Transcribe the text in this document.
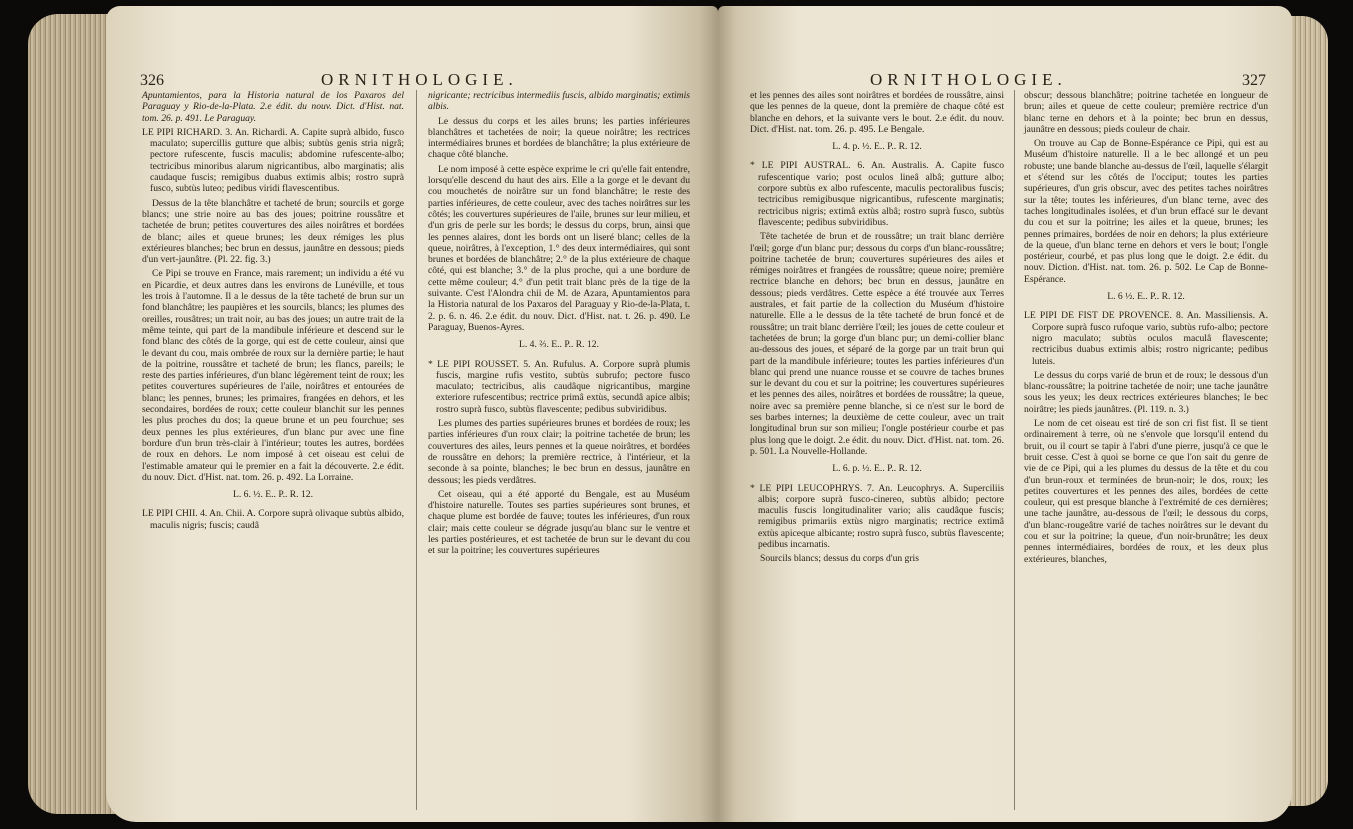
326	ORNITHOLOGIE.

Apuntamientos, para la Historia natural de los Paxaros del Paraguay y Rio-de-la-Plata. 2.e édit. du nouv. Dict. d'Hist. nat. tom. 26. p. 491. Le Paraguay.

LE PIPI RICHARD. 3. An. Richardi. A. Capite suprà albido, fusco maculato; supercillis gutture que albis; subtùs genis stria nigrâ; pectore rufescente, fuscis maculis; abdomine rufescente-albo; tectricibus minoribus alarum nigricantibus, albo marginatis; alis caudaque fuscis; remigibus duabus extimis albis; rostro suprà fusco, subtùs luteo; pedibus viridi flavescentibus.

Dessus de la tête blanchâtre et tacheté de brun; sourcils et gorge blancs; une strie noire au bas des joues; poitrine roussâtre et tachetée de brun; petites couvertures des ailes noirâtres et bordées de blanc; ailes et queue brunes; les deux rémiges les plus extérieures blanches; bec brun en dessus, jaunâtre en dessous; pieds d'un vert-jaunâtre. (Pl. 22. fig. 3.)

Ce Pipi se trouve en France, mais rarement; un individu a été vu en Picardie, et deux autres dans les environs de Lunéville, et tous les trois à l'automne. Il a le dessus de la tête tacheté de brun sur un fond blanchâtre; les paupières et les sourcils, blancs; les plumes des oreilles, rousâtres; un trait noir, au bas des joues; un autre trait de la même teinte, qui part de la mandibule inférieure et descend sur le fond blanc des côtés de la gorge, qui est de cette couleur, ainsi que le devant du cou, mais ombrée de roux sur la dernière partie; le haut de la poitrine, roussâtre et tacheté de brun; les flancs, pareils; le reste des parties inférieures, d'un blanc légèrement teint de roux; les petites couvertures supérieures de l'aile, noirâtres et entourées de blanc; les pennes, brunes; les primaires, frangées en dehors, et les secondaires, bordées de roux; cette couleur blanchit sur les pennes les plus proches du dos; la queue brune et un peu fourchue; ses deux pennes les plus extérieures, d'un blanc pur avec une fine bordure d'un brun très-clair à l'intérieur; toutes les autres, bordées de roux en dehors. Le nom imposé à cet oiseau est celui de l'estimable amateur qui le premier en a fait la découverte. 2.e édit. du nouv. Dict. d'Hist. nat. tom. 26. p. 492. La Lorraine.

L. 6. ½. E.. P.. R. 12.

LE PIPI CHII. 4. An. Chii. A. Corpore suprà olivaque subtùs albido, maculis nigris; fuscis; caudâ

nigricante; rectricibus intermediis fuscis, albido marginatis; extimis albis.

Le dessus du corps et les ailes bruns; les parties inférieures blanchâtres et tachetées de noir; la queue noirâtre; les rectrices intermédiaires brunes et bordées de blanchâtre; la plus extérieure de chaque côté blanche.

Le nom imposé à cette espèce exprime le cri qu'elle fait entendre, lorsqu'elle descend du haut des airs. Elle a la gorge et le devant du cou mouchetés de noirâtre sur un fond blanchâtre; le reste des parties inférieures, de cette couleur, avec des taches noirâtres sur les côtés; les couvertures supérieures de l'aile, brunes sur leur milieu, et d'un gris de perle sur les bords; le dessus du corps, brun, ainsi que les pennes alaires, dont les bords ont un liseré blanc; celles de la queue, noirâtres, à l'exception, 1.° des deux intermédiaires, qui sont brunes et bordées de blanchâtre; 2.° de la plus extérieure de chaque côté, qui est blanche; 3.° de la plus proche, qui a une bordure de cette même couleur; 4.° d'un petit trait blanc près de la tige de la suivante. C'est l'Alondra chii de M. de Azara, Apuntamientos para la Historia natural de los Paxaros del Paraguay y Rio-de-la-Plata, t. 2. p. 6. n. 46. 2.e édit. du nouv. Dict. d'Hist. nat. t. 26. p. 490. Le Paraguay, Buenos-Ayres.

L. 4. ⅔. E.. P.. R. 12.

* LE PIPI ROUSSET. 5. An. Rufulus. A. Corpore suprà plumis fuscis, margine rufis vestito, subtùs subrufo; pectore fusco maculato; tectricibus, alis caudâque nigricantibus, margine exteriore rufescentibus; rectrice primâ extùs, secundâ apice albis; rostro suprà fusco, subtùs flavescente; pedibus subviridibus.

Les plumes des parties supérieures brunes et bordées de roux; les parties inférieures d'un roux clair; la poitrine tachetée de brun; les couvertures des ailes, leurs pennes et la queue noirâtres, et bordées de roussâtre en dehors; la première rectrice, à l'intérieur, et la seconde à sa pointe, blanches; le bec brun en dessus, jaunâtre en dessous; les pieds verdâtres.

Cet oiseau, qui a été apporté du Bengale, est au Muséum d'histoire naturelle. Toutes ses parties supérieures sont brunes, et chaque plume est bordée de fauve; toutes les inférieures, d'un roux clair; mais cette couleur se dégrade jusqu'au blanc sur le ventre et les parties postérieures, et est tachetée de brun sur le devant du cou et sur la poitrine; les couvertures supérieures

ORNITHOLOGIE.	327

et les pennes des ailes sont noirâtres et bordées de roussâtre, ainsi que les pennes de la queue, dont la première de chaque côté est blanche en dehors, et la suivante vers le bout. 2.e édit. du nouv. Dict. d'Hist. nat. tom. 26. p. 495. Le Bengale.

L. 4. p. ½. E.. P.. R. 12.

* LE PIPI AUSTRAL. 6. An. Australis. A. Capite fusco rufescentique vario; post oculos lineâ albâ; gutture albo; corpore subtùs ex albo rufescente, maculis pectoralibus fuscis; tectricibus remigibusque nigricantibus, rufescente marginatis; rectricibus nigris; extimâ extùs albâ; rostro suprà fusco, subtùs flavescente; pedibus subviridibus.

Tête tachetée de brun et de roussâtre; un trait blanc derrière l'œil; gorge d'un blanc pur; dessous du corps d'un blanc-roussâtre; poitrine tachetée de brun; couvertures supérieures des ailes et rémiges noirâtres et frangées de roussâtre; queue noire; première rectrice blanche en dehors; bec brun en dessus, jaunâtre en dessous; pieds verdâtres. Cette espèce a été trouvée aux Terres australes, et fait partie de la collection du Muséum d'histoire naturelle. Elle a le dessus de la tête tacheté de brun foncé et de roussâtre; un trait blanc derrière l'œil; les joues de cette couleur et tachetées de brun; la gorge d'un blanc pur; un demi-collier blanc au-dessous des joues, et séparé de la gorge par un trait brun qui part de la mandibule inférieure; toutes les parties inférieures d'un blanc qui prend une nuance rousse et se couvre de taches brunes sur le devant du cou et sur la poitrine; les couvertures supérieures et les pennes des ailes, noirâtres et bordées de roussâtre; la queue, noire avec sa première penne blanche, si ce n'est sur le bord de ses barbes internes; la deuxième de cette couleur, avec un trait longitudinal brun sur son milieu; l'ongle postérieur courbe et pas plus long que le doigt. 2.e édit. du nouv. Dict. d'Hist. nat. tom. 26. p. 501. La Nouvelle-Hollande.

L. 6. p. ½. E.. P.. R. 12.

* LE PIPI LEUCOPHRYS. 7. An. Leucophrys. A. Superciliis albis; corpore suprà fusco-cinereo, subtùs albido; pectore maculis fuscis longitudinaliter vario; alis caudâque fuscis; remigibus primariis extùs nigro marginatis; rectrice extimâ extùs apiceque albicante; rostro suprà fusco, subtùs flavescente; pedibus incarnatis.

Sourcils blancs; dessus du corps d'un gris

obscur; dessous blanchâtre; poitrine tachetée en longueur de brun; ailes et queue de cette couleur; première rectrice d'un blanc terne en dehors et à la pointe; bec brun en dessus, jaunâtre en dessous; pieds couleur de chair.

On trouve au Cap de Bonne-Espérance ce Pipi, qui est au Muséum d'histoire naturelle. Il a le bec allongé et un peu robuste; une bande blanche au-dessus de l'œil, laquelle s'élargit et s'étend sur les côtés de l'occiput; toutes les parties supérieures, d'un gris obscur, avec des petites taches noirâtres sur la tête; toutes les inférieures, d'un blanc terne, avec des taches longitudinales isolées, et d'un brun effacé sur le devant du cou et sur la poitrine; les ailes et la queue, brunes; les pennes primaires, bordées de noir en dehors; la plus extérieure de la queue, d'un blanc terne en dehors et vers le bout; l'ongle postérieur, courbé, et pas plus long que le doigt. 2.e édit. du nouv. Diction. d'Hist. nat. tom. 26. p. 502. Le Cap de Bonne-Espérance.

L. 6 ½. E.. P.. R. 12.

LE PIPI DE FIST DE PROVENCE. 8. An. Massiliensis. A. Corpore suprà fusco rufoque vario, subtùs rufo-albo; pectore nigro maculato; subtùs oculos maculâ flavescente; rectricibus duabus extimis albis; rostro nigricante; pedibus luteis.

Le dessus du corps varié de brun et de roux; le dessous d'un blanc-roussâtre; la poitrine tachetée de noir; une tache jaunâtre sous les yeux; les deux rectrices extérieures blanches; le bec noirâtre; les pieds jaunâtres. (Pl. 119. n. 3.)

Le nom de cet oiseau est tiré de son cri fist fist. Il se tient ordinairement à terre, où ne s'envole que lorsqu'il entend du bruit, ou il court se tapir à l'abri d'une pierre, jusqu'à ce que le bruit cesse. C'est à quoi se borne ce que l'on sait du genre de vie de ce Pipi, qui a les plumes du dessus de la tête et du cou d'un brun-roux et terminées de brun-noir; le dos, roux; les petites couvertures et les pennes des ailes, bordées de cette couleur, qui est presque blanche à l'extrémité de ces dernières; une tache jaunâtre, au-dessous de l'œil; le dessous du corps, d'un blanc-rougeâtre varié de taches noirâtres sur le devant du cou et sur la poitrine; la queue, d'un noir-brunâtre; les deux pennes intermédiaires, bordées de roux, et les deux plus extérieures, blanches,
